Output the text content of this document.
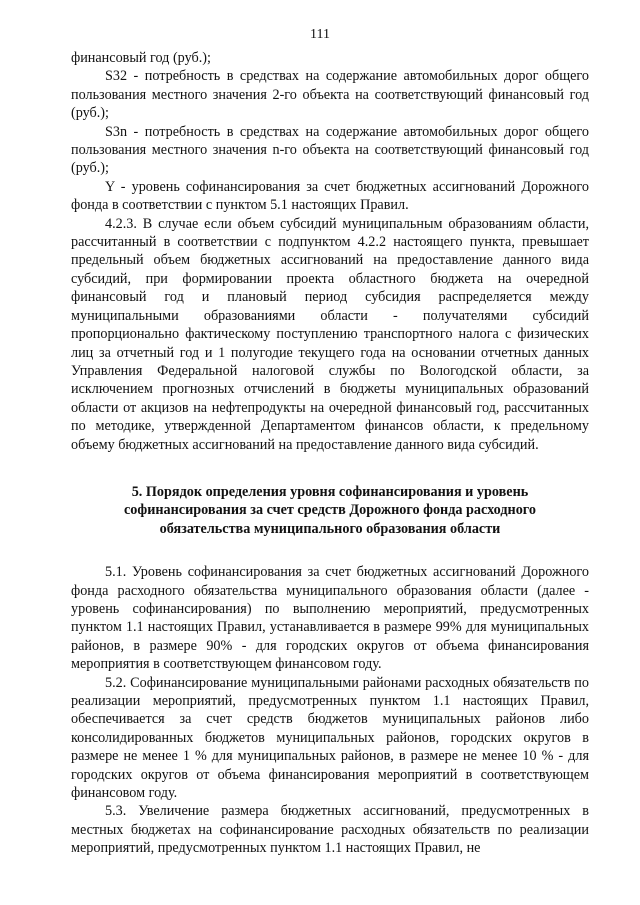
111

финансовый год (руб.);

S32 - потребность в средствах на содержание автомобильных дорог общего пользования местного значения 2-го объекта на соответствующий финансовый год (руб.);

S3n - потребность в средствах на содержание автомобильных дорог общего пользования местного значения n-го объекта на соответствующий финансовый год (руб.);

Y - уровень софинансирования за счет бюджетных ассигнований Дорожного фонда в соответствии с пунктом 5.1 настоящих Правил.

4.2.3. В случае если объем субсидий муниципальным образованиям области, рассчитанный в соответствии с подпунктом 4.2.2 настоящего пункта, превышает предельный объем бюджетных ассигнований на предоставление данного вида субсидий, при формировании проекта областного бюджета на очередной финансовый год и плановый период субсидия распределяется между муниципальными образованиями области - получателями субсидий пропорционально фактическому поступлению транспортного налога с физических лиц за отчетный год и 1 полугодие текущего года на основании отчетных данных Управления Федеральной налоговой службы по Вологодской области, за исключением прогнозных отчислений в бюджеты муниципальных образований области от акцизов на нефтепродукты на очередной финансовый год, рассчитанных по методике, утвержденной Департаментом финансов области, к предельному объему бюджетных ассигнований на предоставление данного вида субсидий.

5. Порядок определения уровня софинансирования и уровень
софинансирования за счет средств Дорожного фонда расходного
обязательства муниципального образования области

5.1. Уровень софинансирования за счет бюджетных ассигнований Дорожного фонда расходного обязательства муниципального образования области (далее - уровень софинансирования) по выполнению мероприятий, предусмотренных пунктом 1.1 настоящих Правил, устанавливается в размере 99% для муниципальных районов, в размере 90% - для городских округов от объема финансирования мероприятия в соответствующем финансовом году.

5.2. Софинансирование муниципальными районами расходных обязательств по реализации мероприятий, предусмотренных пунктом 1.1 настоящих Правил, обеспечивается за счет средств бюджетов муниципальных районов либо консолидированных бюджетов муниципальных районов, городских округов в размере не менее 1 % для муниципальных районов, в размере не менее 10 % - для городских округов от объема финансирования мероприятий в соответствующем финансовом году.

5.3. Увеличение размера бюджетных ассигнований, предусмотренных в местных бюджетах на софинансирование расходных обязательств по реализации мероприятий, предусмотренных пунктом 1.1 настоящих Правил, не
